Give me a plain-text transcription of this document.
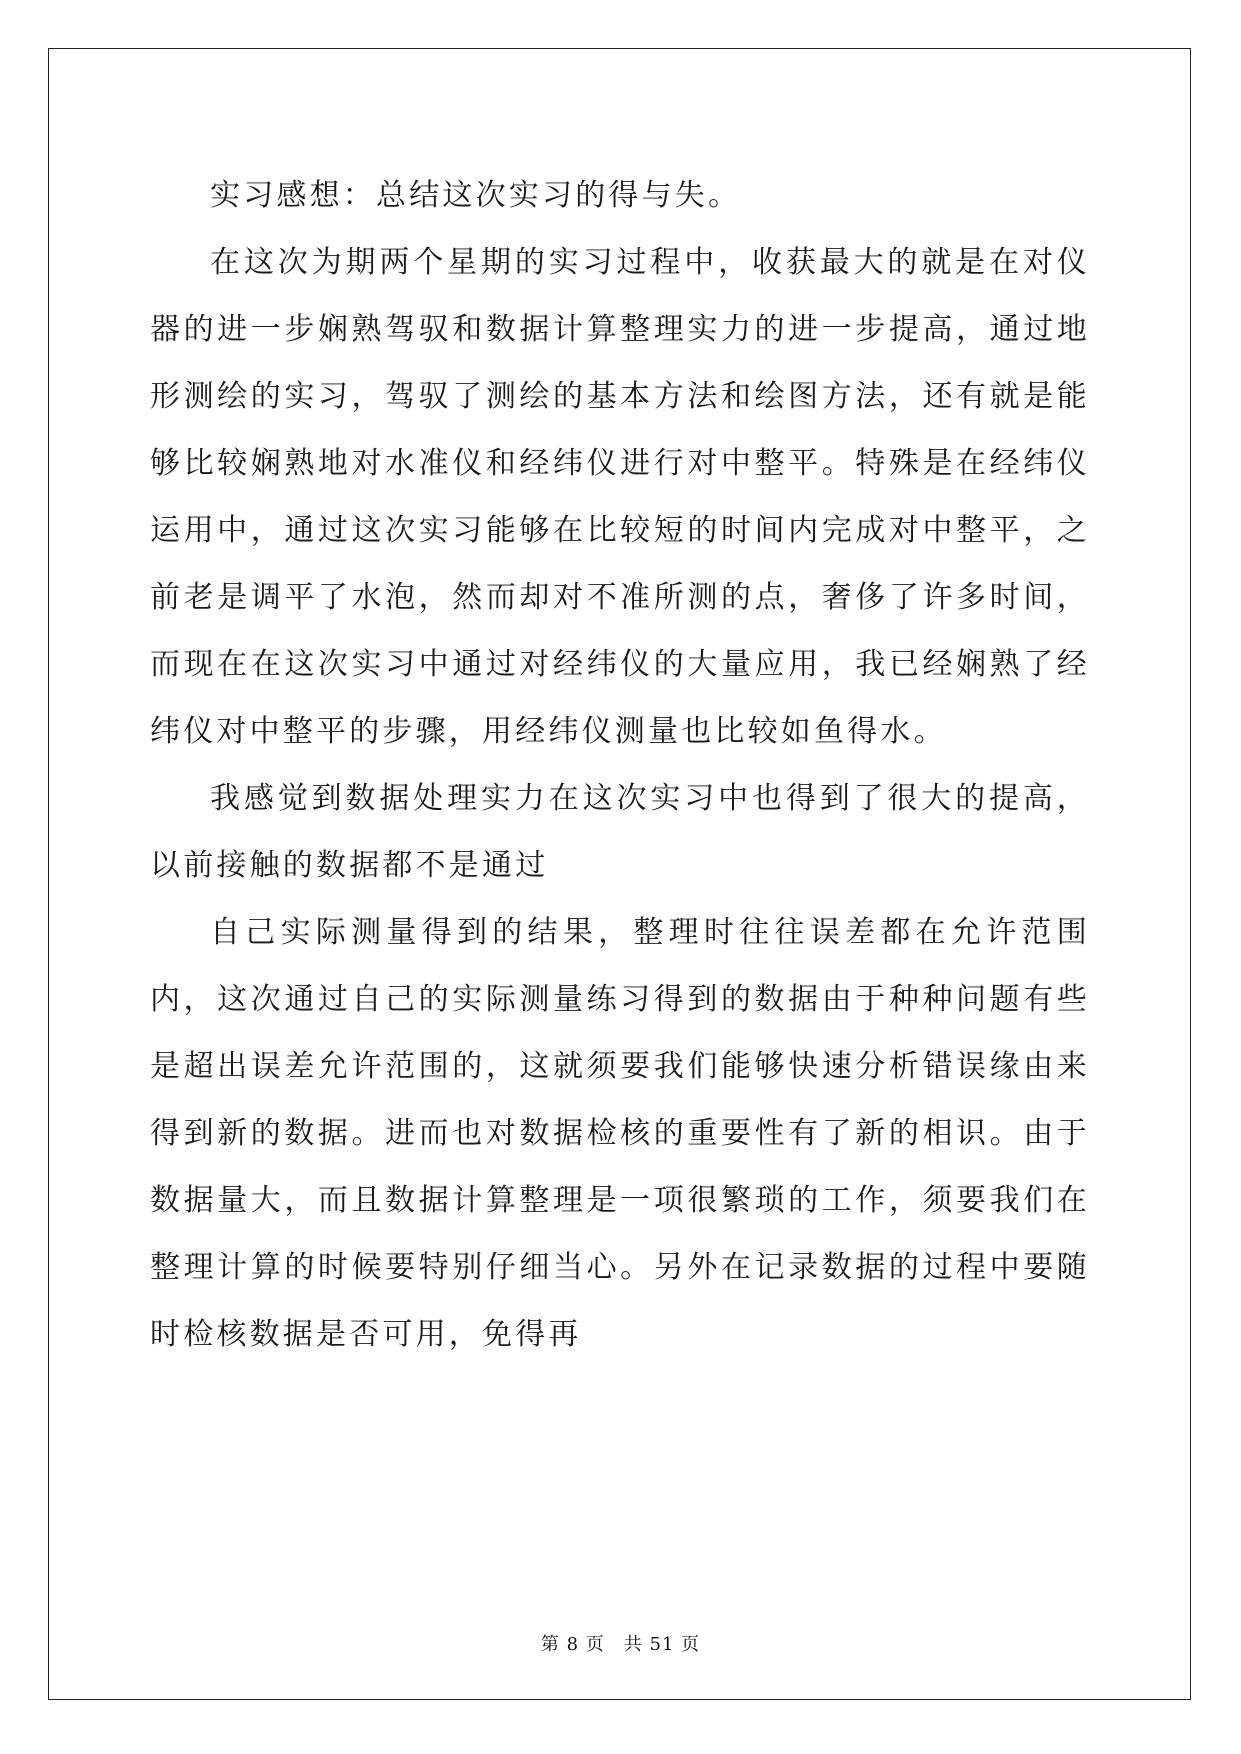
实习感想：总结这次实习的得与失。

在这次为期两个星期的实习过程中，收获最大的就是在对仪器的进一步娴熟驾驭和数据计算整理实力的进一步提高，通过地形测绘的实习，驾驭了测绘的基本方法和绘图方法，还有就是能够比较娴熟地对水准仪和经纬仪进行对中整平。特殊是在经纬仪运用中，通过这次实习能够在比较短的时间内完成对中整平，之前老是调平了水泡，然而却对不准所测的点，奢侈了许多时间，而现在在这次实习中通过对经纬仪的大量应用，我已经娴熟了经纬仪对中整平的步骤，用经纬仪测量也比较如鱼得水。

我感觉到数据处理实力在这次实习中也得到了很大的提高，以前接触的数据都不是通过

自己实际测量得到的结果，整理时往往误差都在允许范围内，这次通过自己的实际测量练习得到的数据由于种种问题有些是超出误差允许范围的，这就须要我们能够快速分析错误缘由来得到新的数据。进而也对数据检核的重要性有了新的相识。由于数据量大，而且数据计算整理是一项很繁琐的工作，须要我们在整理计算的时候要特别仔细当心。另外在记录数据的过程中要随时检核数据是否可用，免得再

第 8 页　共 51 页
